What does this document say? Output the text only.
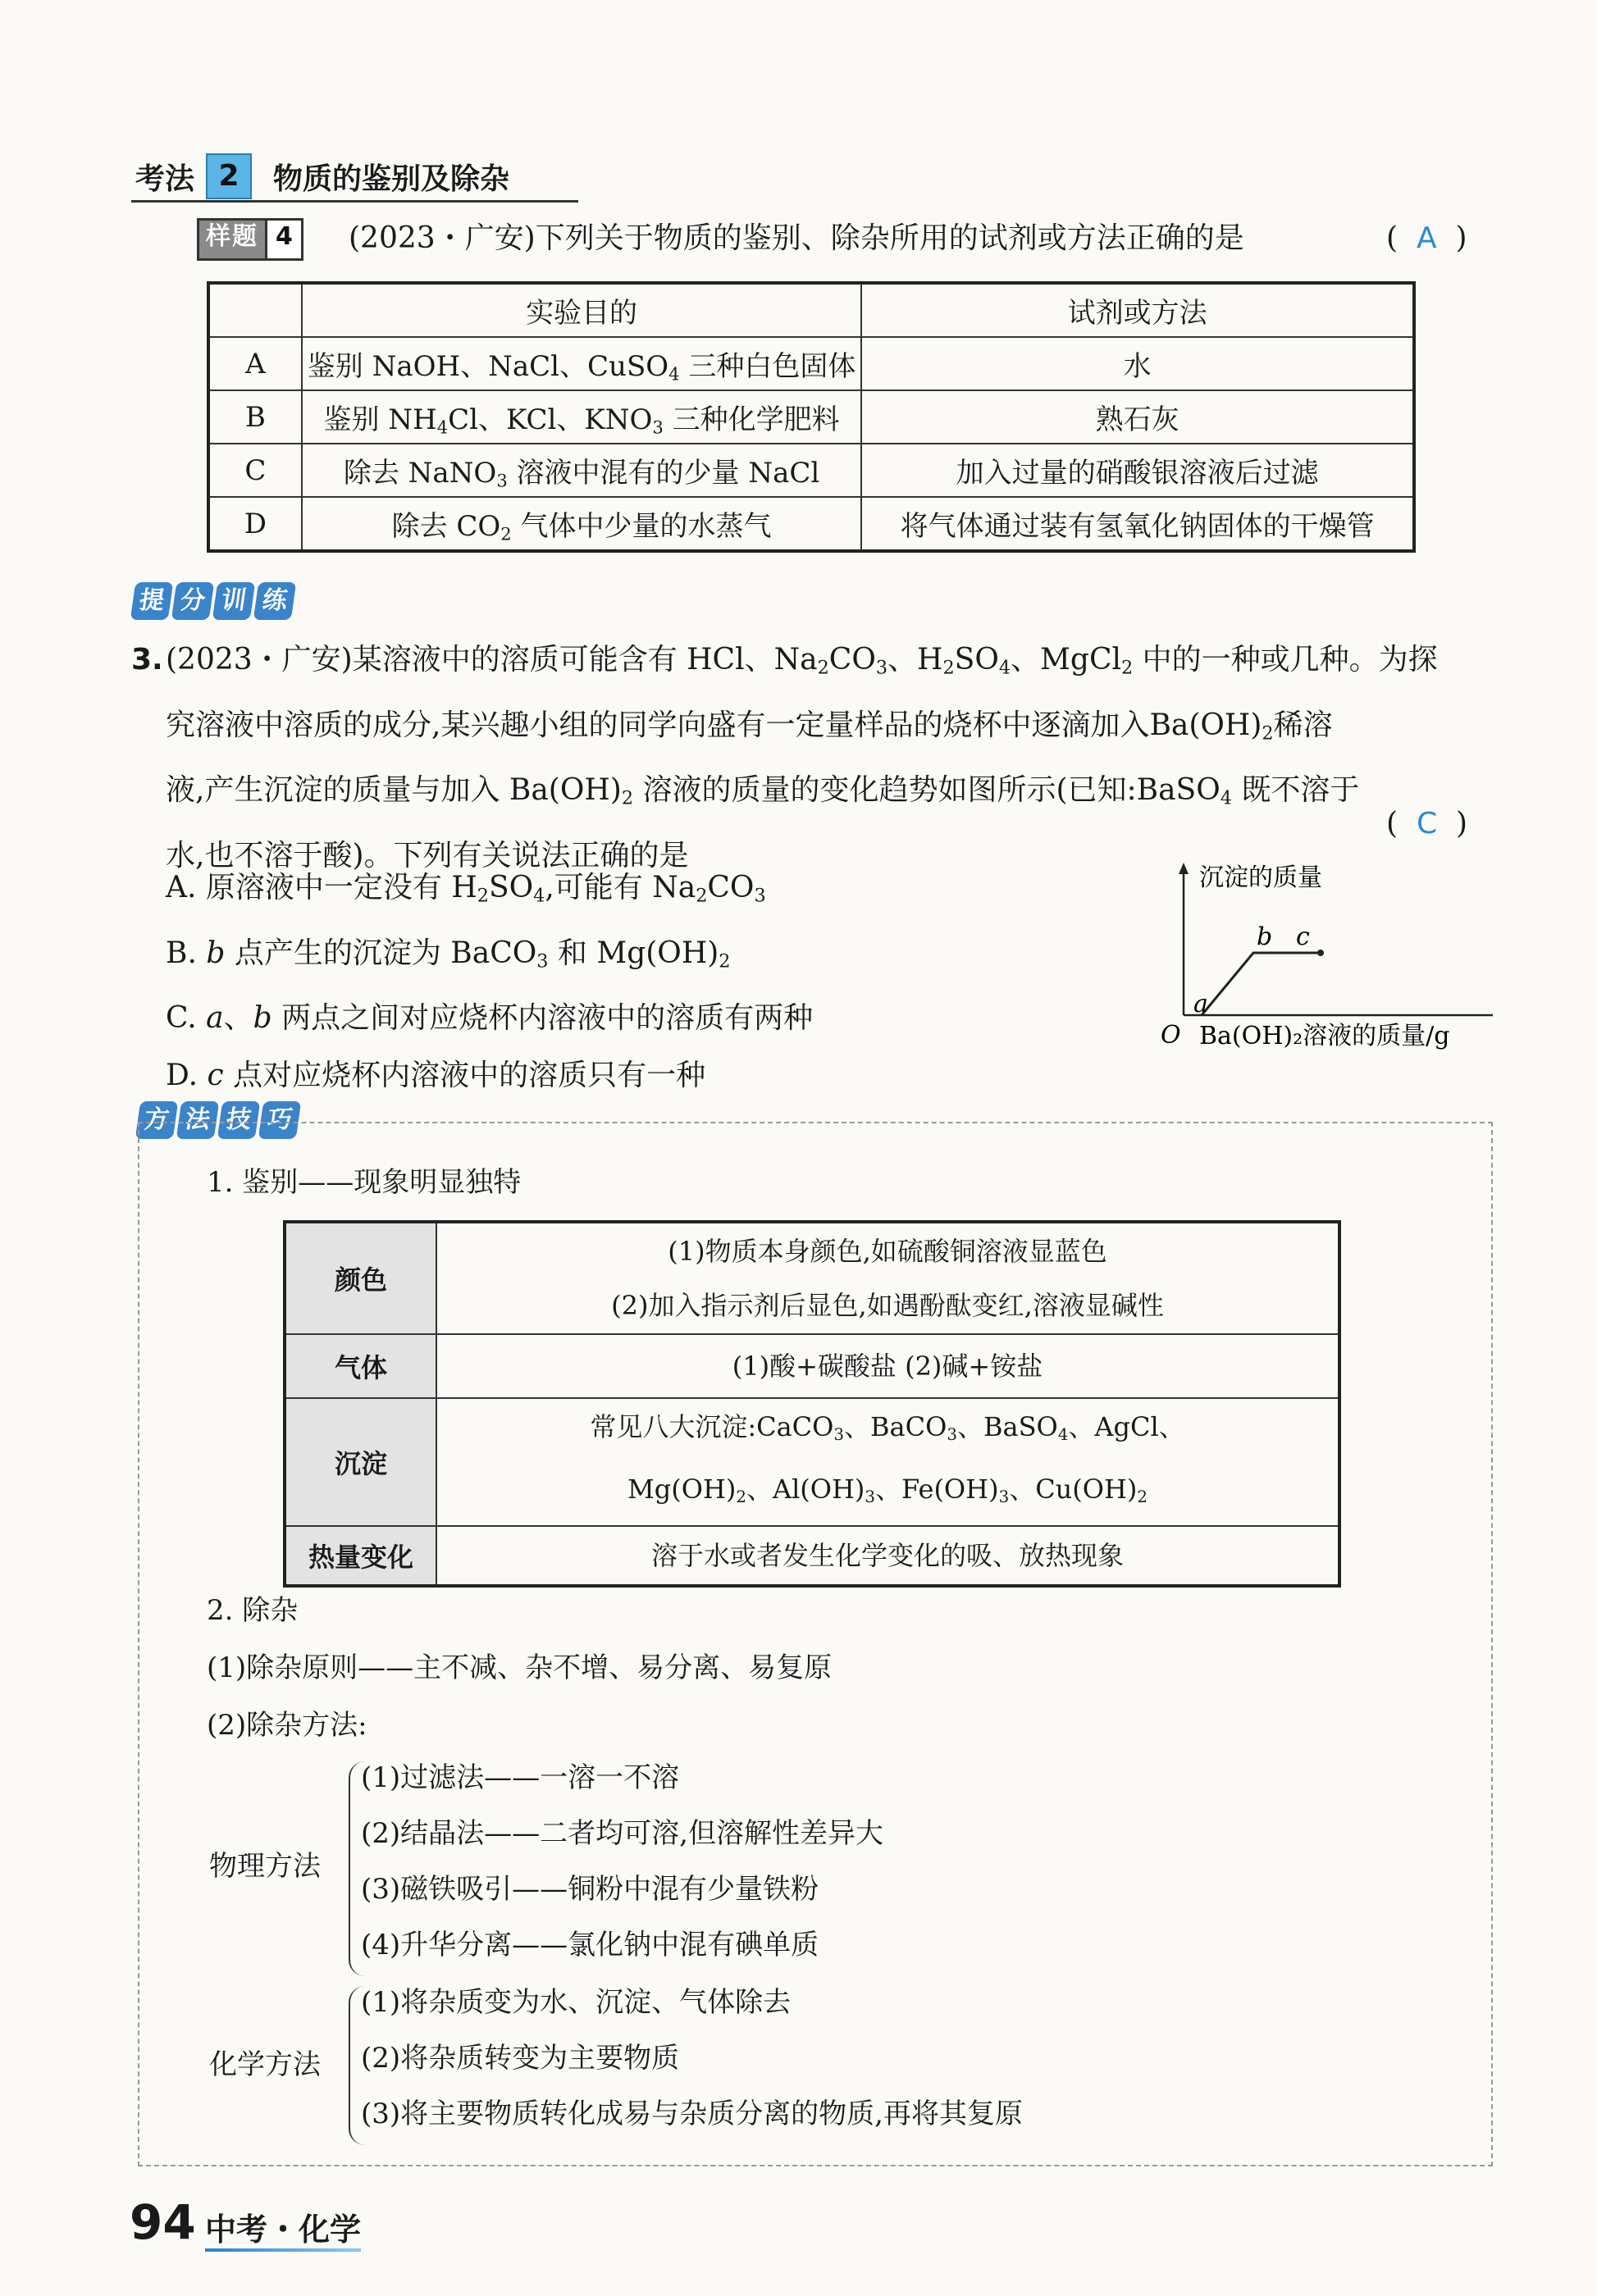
考法 2	物质的鉴别及除杂
样题 4 (2023・广安)下列关于物质的鉴别、除杂所用的试剂或方法正确的是	(  A  )
	实验目的	试剂或方法
A	鉴别 NaOH、NaCl、CuSO$_4$ 三种白色固体	水
B	鉴别 $NH_4Cl$、KCl、$KNO_3$ 三种化学肥料	熟石灰
C	除去 NaNO$_3$ 溶液中混有的少量 NaCl	加入过量的硝酸银溶液后过滤
D	除去 $CO_2$ 气体中少量的水蒸气	将气体通过装有氢氧化钠固体的干燥管
提 分 训 练
3. (2023・广安)某溶液中的溶质可能含有 HCl、$Na_2CO_3$、$H_2SO_4$、MgCl$_2$ 中的一种或几种。为探
究溶液中溶质的成分,某兴趣小组的同学向盛有一定量样品的烧杯中逐滴加入$Ba(OH)_2$稀溶
液,产生沉淀的质量与加入 $Ba(OH)_2$ 溶液的质量的变化趋势如图所示(已知:BaSO$_4$ 既不溶于
水,也不溶于酸)。下列有关说法正确的是
(  C  )
A. 原溶液中一定没有 $H_2SO_4$,可能有 $Na_2CO_3$
B. b 点产生的沉淀为 BaCO$_3$ 和 $Mg(OH)_2$
C. a、b 两点之间对应烧杯内溶液中的溶质有两种
D. c 点对应烧杯内溶液中的溶质只有一种
沉淀的质量
O Ba(OH)₂溶液的质量/g
a
b c
方 法 技 巧
1. 鉴别——现象明显独特
颜色	(1)物质本身颜色,如硫酸铜溶液显蓝色
(2)加入指示剂后显色,如遇酚酞变红,溶液显碱性

气体	(1)酸+碳酸盐 (2)碱+铵盐
沉淀	常见八大沉淀:CaCO$_3$、BaCO$_3$、BaSO$_4$、AgCl、
$Mg(OH)_2$、$Al(OH)_3$、$Fe(OH)_3$、$Cu(OH)_2$

热量变化	溶于水或者发生化学变化的吸、放热现象
2. 除杂
(1)除杂原则——主不减、杂不增、易分离、易复原
(2)除杂方法:
物理方法
(1)过滤法——一溶一不溶
(2)结晶法——二者均可溶,但溶解性差异大
(3)磁铁吸引——铜粉中混有少量铁粉
(4)升华分离——氯化钠中混有碘单质
化学方法
(1)将杂质变为水、沉淀、气体除去
(2)将杂质转变为主要物质
(3)将主要物质转化成易与杂质分离的物质,再将其复原
94 中考・化学
